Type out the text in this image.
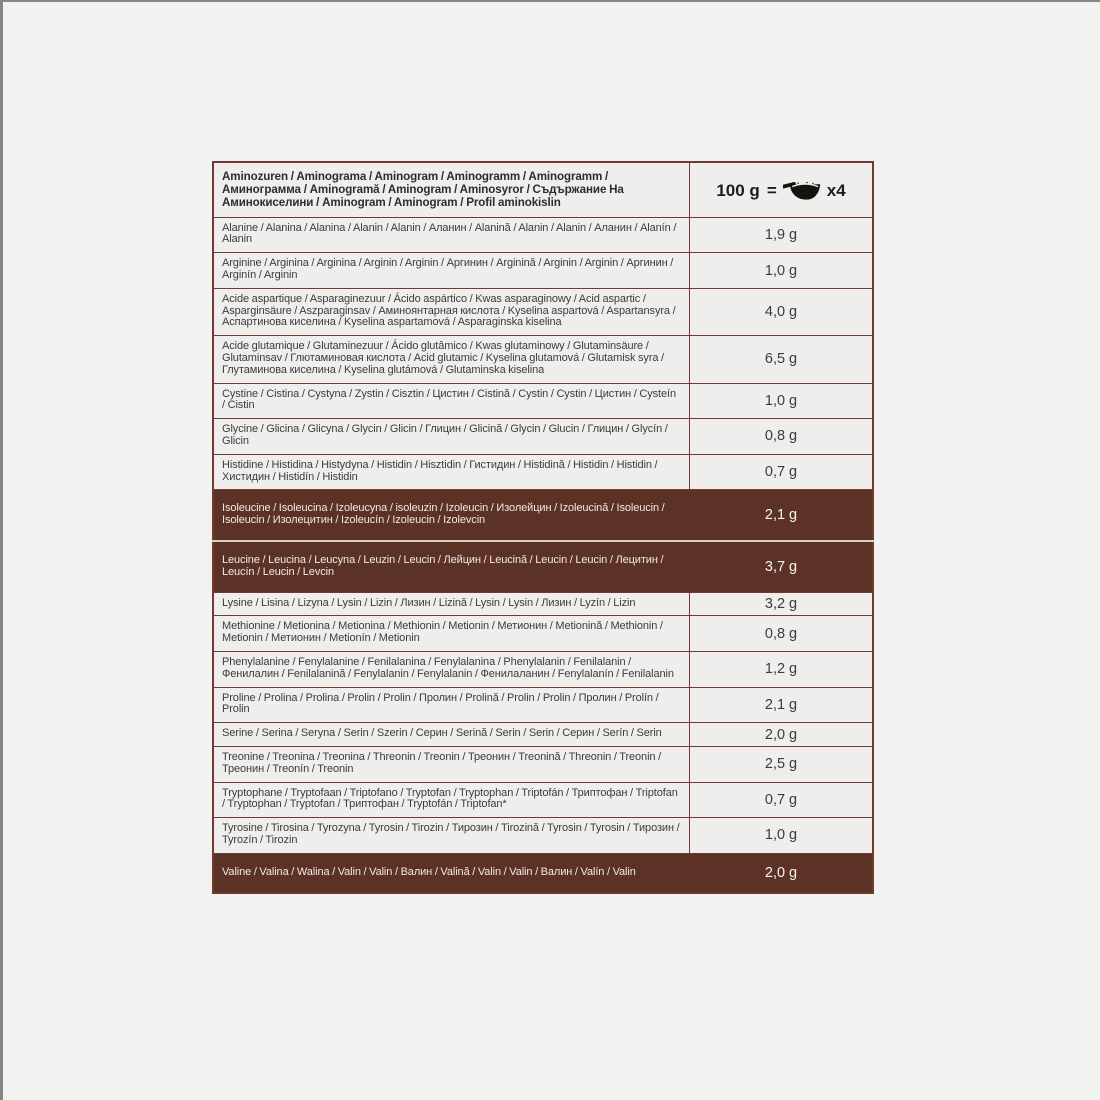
Aminozuren / Aminograma / Aminogram / Aminogramm / Aminogramm / Аминограмма / Aminogramă / Aminogram / Aminosyror / Съдържание На Аминокиселини / Aminogram / Aminogram / Profil aminokislin	100 g = x4
Alanine / Alanina / Alanina / Alanin / Alanin / Аланин / Alanină / Alanin / Alanin / Аланин / Alanín / Alanin	1,9 g
Arginine / Arginina / Arginina / Arginin / Arginin / Аргинин / Arginină / Arginin / Arginin / Аргинин / Arginín / Arginin	1,0 g
Acide aspartique / Asparaginezuur / Ácido aspártico / Kwas asparaginowy / Acid aspartic / Asparginsäure / Aszparaginsav / Аминоянтарная кислота / Kyselina aspartová / Aspartansyra / Аспартинова киселина / Kyselina aspartamová / Asparaginska kiselina	4,0 g
Acide glutamique / Glutaminezuur / Ácido glutâmico / Kwas glutaminowy / Glutaminsäure / Glutaminsav / Глютаминовая кислота / Acid glutamic / Kyselina glutamová / Glutamisk syra / Глутаминова киселина / Kyselina glutámová / Glutaminska kiselina	6,5 g
Cystine / Cistina / Cystyna / Zystin / Cisztin / Цистин / Cistină / Cystin / Cystin / Цистин / Cysteín / Cistin	1,0 g
Glycine / Glicina / Glicyna / Glycin / Glicin / Глицин / Glicină / Glycin / Glucin / Глицин / Glycín / Glicin	0,8 g
Histidine / Histidina / Histydyna / Histidin / Hisztidin / Гистидин / Histidină / Histidin / Histidin / Хистидин / Histidín / Histidin	0,7 g
Isoleucine / Isoleucina / Izoleucyna / isoleuzin / Izoleucin / Изолейцин / Izoleucină / Isoleucin / Isoleucin / Изолецитин / Izoleucín / Izoleucin / Izolevcin	2,1 g
Leucine / Leucina / Leucyna / Leuzin / Leucin / Лейцин / Leucină / Leucin / Leucin / Лецитин / Leucín / Leucin / Levcin	3,7 g
Lysine / Lisina / Lizyna / Lysin / Lizin / Лизин / Lizină / Lysin / Lysin / Лизин / Lyzín / Lizin	3,2 g
Methionine / Metionina / Metionina / Methionin / Metionin / Метионин / Metionină / Methionin / Metionin / Метионин / Metionín / Metionin	0,8 g
Phenylalanine / Fenylalanine / Fenilalanina / Fenylalanina / Phenylalanin / Fenilalanin / Фенилалин / Fenilalanină / Fenylalanin / Fenylalanin / Фенилаланин / Fenylalanín / Fenilalanin	1,2 g
Proline / Prolina / Prolina / Prolin / Prolin / Пролин / Prolină / Prolin / Prolin / Пролин / Prolín / Prolin	2,1 g
Serine / Serina / Seryna / Serin / Szerin / Серин / Serină / Serin / Serin / Серин / Serín / Serin	2,0 g
Treonine / Treonina / Treonina / Threonin / Treonin / Треонин / Treonină / Threonin / Treonin / Треонин / Treonín / Treonin	2,5 g
Tryptophane / Tryptofaan / Triptofano / Tryptofan / Tryptophan / Triptofán / Триптофан / Triptofan / Tryptophan / Tryptofan / Триптофан / Tryptofán / Triptofan*	0,7 g
Tyrosine / Tirosina / Tyrozyna / Tyrosin / Tirozin / Тирозин / Tirozină / Tyrosin / Tyrosin / Тирозин / Tyrozín / Tirozin	1,0 g
Valine / Valina / Walina / Valin / Valin / Валин / Valină / Valin / Valin / Валин / Valín / Valin	2,0 g
